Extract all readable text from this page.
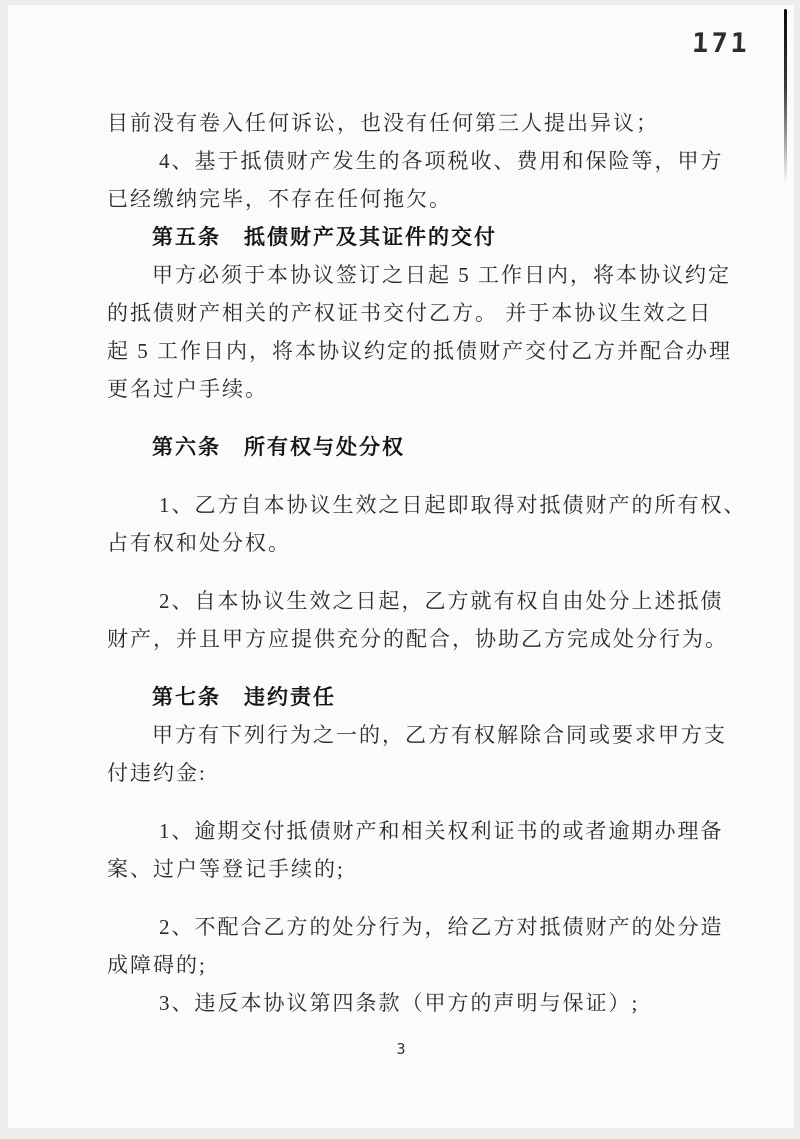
171
目前没有卷入任何诉讼，也没有任何第三人提出异议；
4、基于抵债财产发生的各项税收、费用和保险等，甲方
已经缴纳完毕，不存在任何拖欠。
第五条　抵债财产及其证件的交付
甲方必须于本协议签订之日起 5 工作日内，将本协议约定
的抵债财产相关的产权证书交付乙方。 并于本协议生效之日
起 5 工作日内，将本协议约定的抵债财产交付乙方并配合办理
更名过户手续。
第六条　所有权与处分权
1、乙方自本协议生效之日起即取得对抵债财产的所有权、
占有权和处分权。
2、自本协议生效之日起，乙方就有权自由处分上述抵债
财产，并且甲方应提供充分的配合，协助乙方完成处分行为。
第七条　违约责任
甲方有下列行为之一的，乙方有权解除合同或要求甲方支
付违约金:
1、逾期交付抵债财产和相关权利证书的或者逾期办理备
案、过户等登记手续的;
2、不配合乙方的处分行为，给乙方对抵债财产的处分造
成障碍的;
3、违反本协议第四条款（甲方的声明与保证）;
3
